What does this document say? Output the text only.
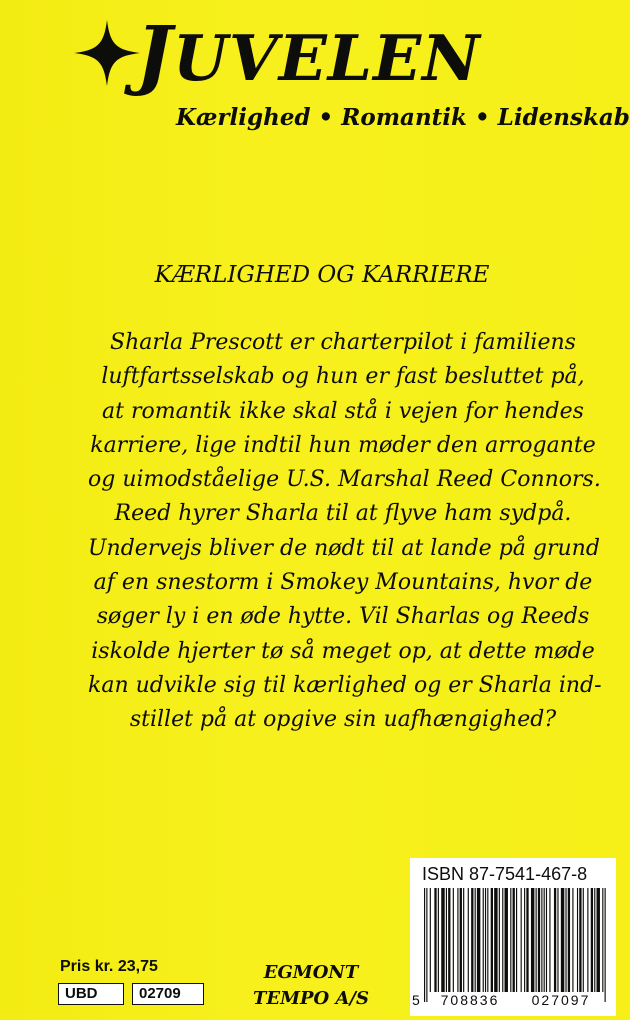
JUVELEN
Kærlighed • Romantik • Lidenskab
KÆRLIGHED OG KARRIERE
Sharla Prescott er charterpilot i familiens
luftfartsselskab og hun er fast besluttet på,
at romantik ikke skal stå i vejen for hendes
karriere, lige indtil hun møder den arrogante
og uimodståelige U.S. Marshal Reed Connors.
Reed hyrer Sharla til at flyve ham sydpå.
Undervejs bliver de nødt til at lande på grund
af en snestorm i Smokey Mountains, hvor de
søger ly i en øde hytte. Vil Sharlas og Reeds
iskolde hjerter tø så meget op, at dette møde
kan udvikle sig til kærlighed og er Sharla ind-
stillet på at opgive sin uafhængighed?
Pris kr. 23,75
UBD	02709
EGMONT
TEMPO A/S
ISBN 87-7541-467-8
5	708836	027097
